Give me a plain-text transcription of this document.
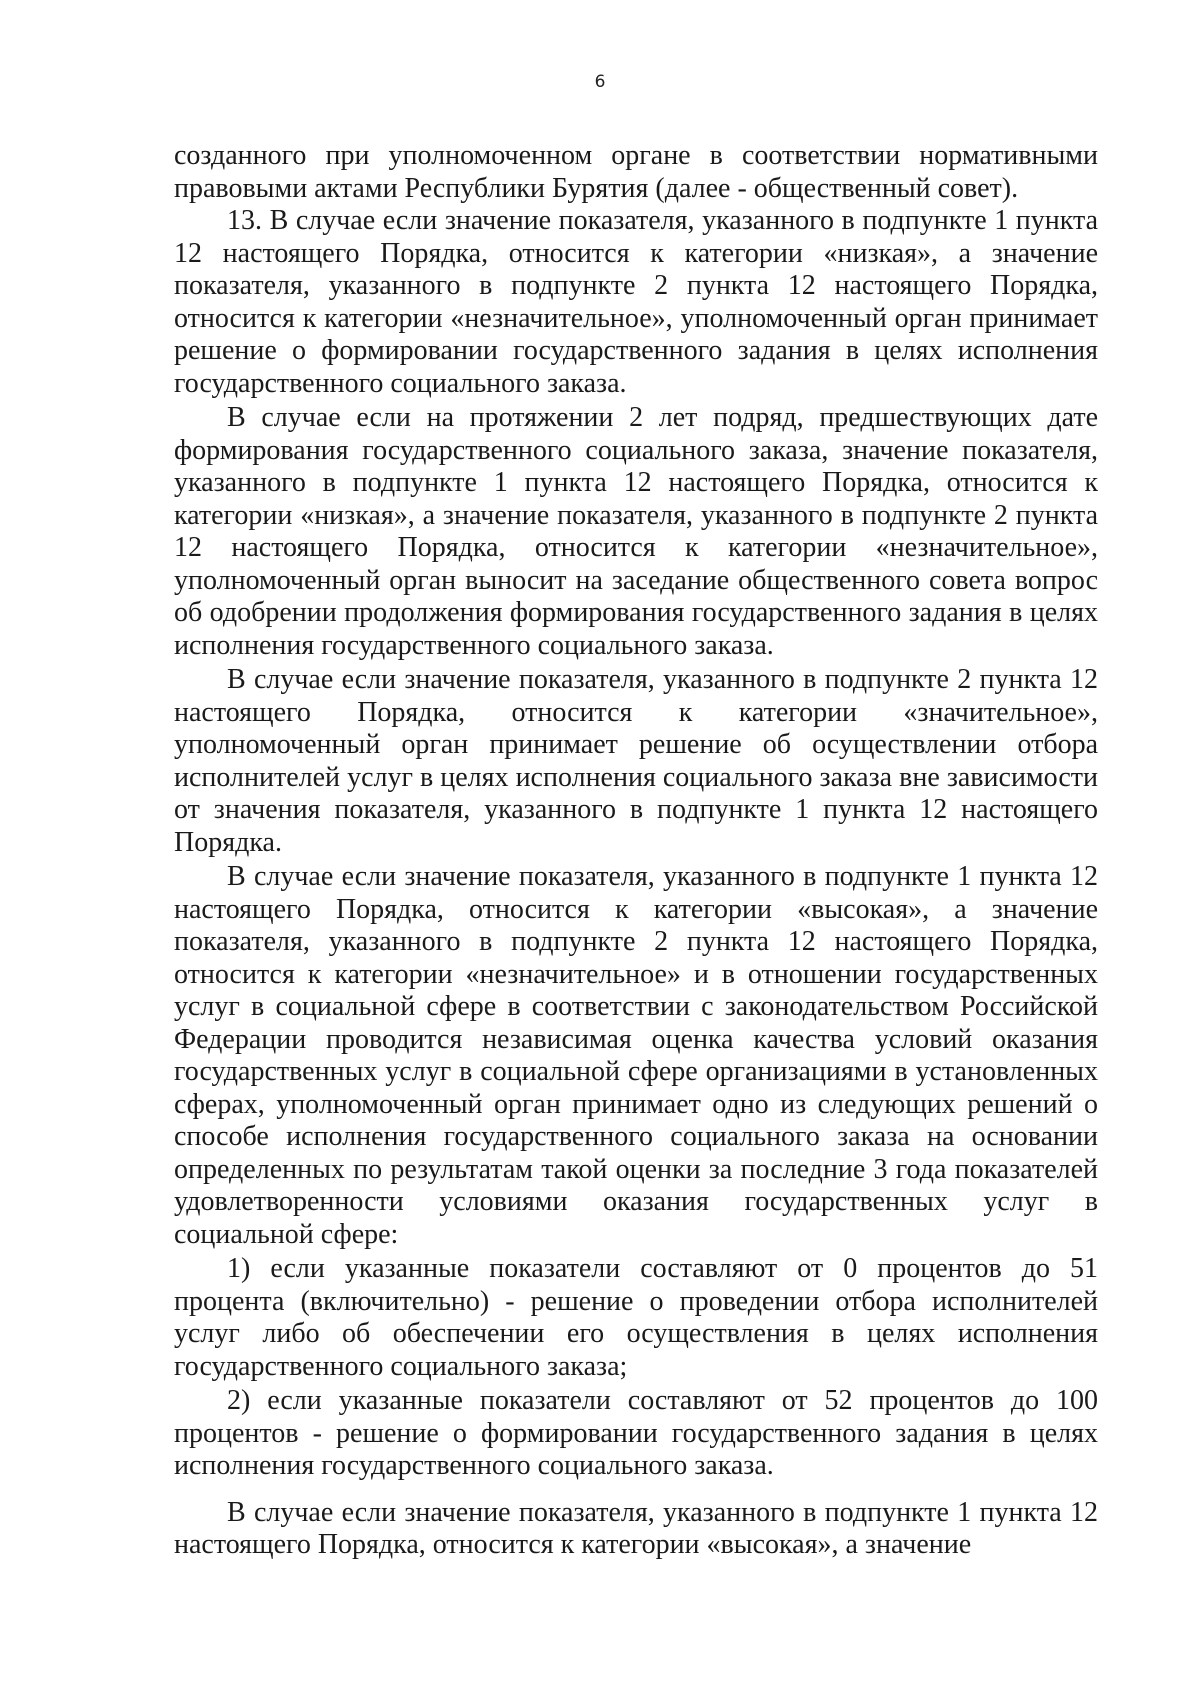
6

созданного при уполномоченном органе в соответствии нормативными правовыми актами Республики Бурятия (далее - общественный совет).

13. В случае если значение показателя, указанного в подпункте 1 пункта 12 настоящего Порядка, относится к категории «низкая», а значение показателя, указанного в подпункте 2 пункта 12 настоящего Порядка, относится к категории «незначительное», уполномоченный орган принимает решение о формировании государственного задания в целях исполнения государственного социального заказа.

В случае если на протяжении 2 лет подряд, предшествующих дате формирования государственного социального заказа, значение показателя, указанного в подпункте 1 пункта 12 настоящего Порядка, относится к категории «низкая», а значение показателя, указанного в подпункте 2 пункта 12 настоящего Порядка, относится к категории «незначительное», уполномоченный орган выносит на заседание общественного совета вопрос об одобрении продолжения формирования государственного задания в целях исполнения государственного социального заказа.

В случае если значение показателя, указанного в подпункте 2 пункта 12 настоящего Порядка, относится к категории «значительное», уполномоченный орган принимает решение об осуществлении отбора исполнителей услуг в целях исполнения социального заказа вне зависимости от значения показателя, указанного в подпункте 1 пункта 12 настоящего Порядка.

В случае если значение показателя, указанного в подпункте 1 пункта 12 настоящего Порядка, относится к категории «высокая», а значение показателя, указанного в подпункте 2 пункта 12 настоящего Порядка, относится к категории «незначительное» и в отношении государственных услуг в социальной сфере в соответствии с законодательством Российской Федерации проводится независимая оценка качества условий оказания государственных услуг в социальной сфере организациями в установленных сферах, уполномоченный орган принимает одно из следующих решений о способе исполнения государственного социального заказа на основании определенных по результатам такой оценки за последние 3 года показателей удовлетворенности условиями оказания государственных услуг в социальной сфере:

1) если указанные показатели составляют от 0 процентов до 51 процента (включительно) - решение о проведении отбора исполнителей услуг либо об обеспечении его осуществления в целях исполнения государственного социального заказа;

2) если указанные показатели составляют от 52 процентов до 100 процентов - решение о формировании государственного задания в целях исполнения государственного социального заказа.

В случае если значение показателя, указанного в подпункте 1 пункта 12 настоящего Порядка, относится к категории «высокая», а значение
